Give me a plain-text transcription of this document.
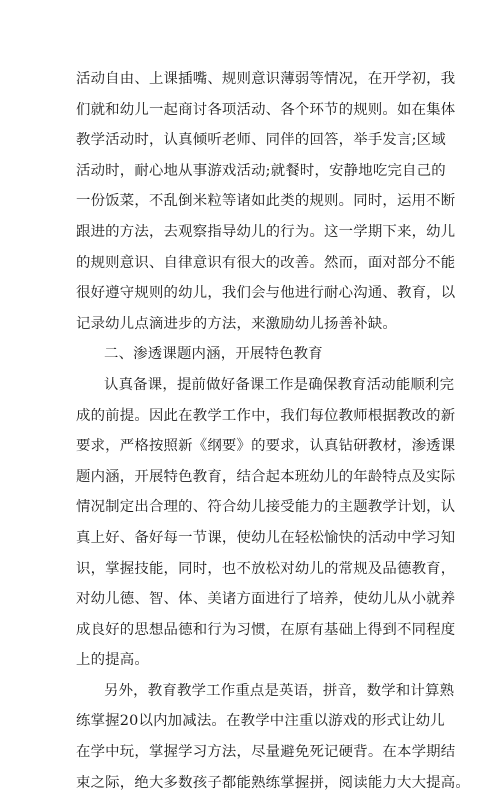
活动自由、上课插嘴、规则意识薄弱等情况，在开学初，我
们就和幼儿一起商讨各项活动、各个环节的规则。如在集体
教学活动时，认真倾听老师、同伴的回答，举手发言;区域
活动时，耐心地从事游戏活动;就餐时，安静地吃完自己的
一份饭菜，不乱倒米粒等诸如此类的规则。同时，运用不断
跟进的方法，去观察指导幼儿的行为。这一学期下来，幼儿
的规则意识、自律意识有很大的改善。然而，面对部分不能
很好遵守规则的幼儿，我们会与他进行耐心沟通、教育，以
记录幼儿点滴进步的方法，来激励幼儿扬善补缺。
二、渗透课题内涵，开展特色教育
认真备课，提前做好备课工作是确保教育活动能顺利完
成的前提。因此在教学工作中，我们每位教师根据教改的新
要求，严格按照新《纲要》的要求，认真钻研教材，渗透课
题内涵，开展特色教育，结合起本班幼儿的年龄特点及实际
情况制定出合理的、符合幼儿接受能力的主题教学计划，认
真上好、备好每一节课，使幼儿在轻松愉快的活动中学习知
识，掌握技能，同时，也不放松对幼儿的常规及品德教育，
对幼儿德、智、体、美诸方面进行了培养，使幼儿从小就养
成良好的思想品德和行为习惯，在原有基础上得到不同程度
上的提高。
另外，教育教学工作重点是英语，拼音，数学和计算熟
练掌握20以内加减法。在教学中注重以游戏的形式让幼儿
在学中玩，掌握学习方法，尽量避免死记硬背。在本学期结
束之际，绝大多数孩子都能熟练掌握拼，阅读能力大大提高。
